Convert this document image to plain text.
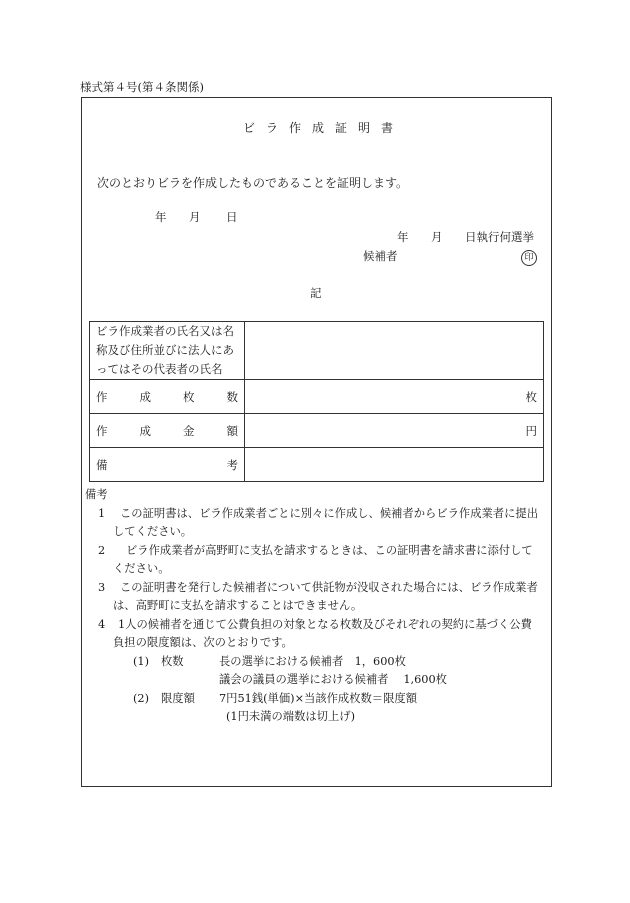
様式第４号(第４条関係)
ビラ作成証明書
次のとおりビラを作成したものであることを証明します。
年 月 日
年 月 日執行何選挙
候補者	印
記
ビラ作成業者の氏名又は名
称及び住所並びに法人にあ
ってはその代表者の氏名	

作 成 枚 数	枚

作 成 金 額	円

備 考	

備考
1 この証明書は、ビラ作成業者ごとに別々に作成し、候補者からビラ作成業者に提出
してください。
2 ビラ作成業者が高野町に支払を請求するときは、この証明書を請求書に添付して
ください。
3 この証明書を発行した候補者について供託物が没収された場合には、ビラ作成業者
は、高野町に支払を請求することはできません。
4 1人の候補者を通じて公費負担の対象となる枚数及びそれぞれの契約に基づく公費
負担の限度額は、次のとおりです。
(1) 枚数	長の選挙における候補者　1，600枚
議会の議員の選挙における候補者　 1,600枚
(2) 限度額 7円51銭(単価)×当該作成枚数＝限度額
(1円未満の端数は切上げ)
